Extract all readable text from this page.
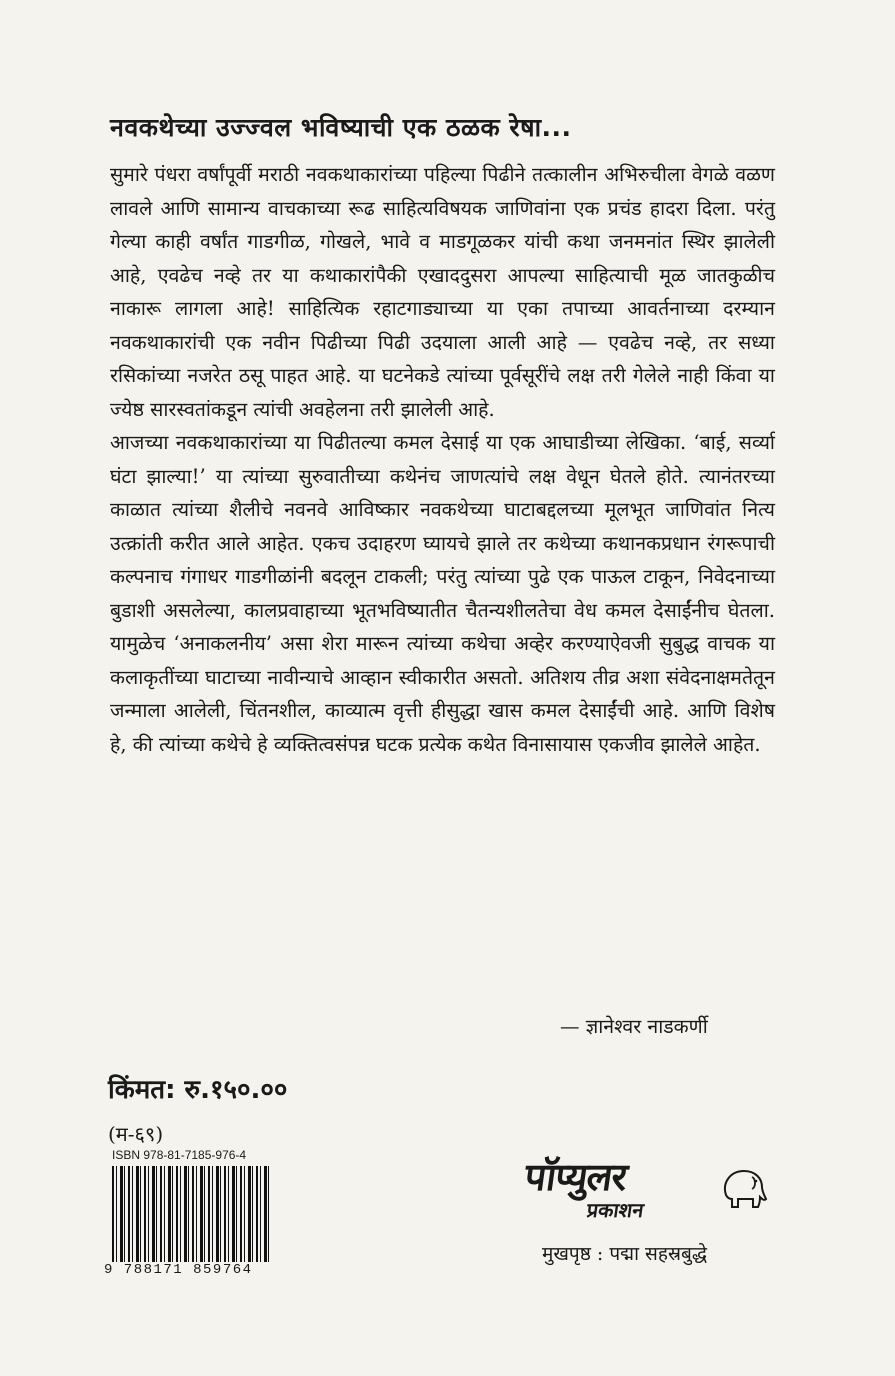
नवकथेच्या उज्ज्वल भविष्याची एक ठळक रेषा...

सुमारे पंधरा वर्षांपूर्वी मराठी नवकथाकारांच्या पहिल्या पिढीने तत्कालीन अभिरुचीला वेगळे वळण लावले आणि सामान्य वाचकाच्या रूढ साहित्यविषयक जाणिवांना एक प्रचंड हादरा दिला. परंतु गेल्या काही वर्षांत गाडगीळ, गोखले, भावे व माडगूळकर यांची कथा जनमनांत स्थिर झालेली आहे, एवढेच नव्हे तर या कथाकारांपैकी एखाददुसरा आपल्या साहित्याची मूळ जातकुळीच नाकारू लागला आहे! साहित्यिक रहाटगाड्याच्या या एका तपाच्या आवर्तनाच्या दरम्यान नवकथाकारांची एक नवीन पिढीच्या पिढी उदयाला आली आहे — एवढेच नव्हे, तर सध्या रसिकांच्या नजरेत ठसू पाहत आहे. या घटनेकडे त्यांच्या पूर्वसूरींचे लक्ष तरी गेलेले नाही किंवा या ज्येष्ठ सारस्वतांकडून त्यांची अवहेलना तरी झालेली आहे.

आजच्या नवकथाकारांच्या या पिढीतल्या कमल देसाई या एक आघाडीच्या लेखिका. ‘बाई, सर्व्या घंटा झाल्या!’ या त्यांच्या सुरुवातीच्या कथेनंच जाणत्यांचे लक्ष वेधून घेतले होते. त्यानंतरच्या काळात त्यांच्या शैलीचे नवनवे आविष्कार नवकथेच्या घाटाबद्दलच्या मूलभूत जाणिवांत नित्य उत्क्रांती करीत आले आहेत. एकच उदाहरण घ्यायचे झाले तर कथेच्या कथानकप्रधान रंगरूपाची कल्पनाच गंगाधर गाडगीळांनी बदलून टाकली; परंतु त्यांच्या पुढे एक पाऊल टाकून, निवेदनाच्या बुडाशी असलेल्या, कालप्रवाहाच्या भूतभविष्यातीत चैतन्यशीलतेचा वेध कमल देसाईंनीच घेतला. यामुळेच ‘अनाकलनीय’ असा शेरा मारून त्यांच्या कथेचा अव्हेर करण्याऐवजी सुबुद्ध वाचक या कलाकृतींच्या घाटाच्या नावीन्याचे आव्हान स्वीकारीत असतो. अतिशय तीव्र अशा संवेदनाक्षमतेतून जन्माला आलेली, चिंतनशील, काव्यात्म वृत्ती हीसुद्धा खास कमल देसाईंची आहे. आणि विशेष हे, की त्यांच्या कथेचे हे व्यक्तित्वसंपन्न घटक प्रत्येक कथेत विनासायास एकजीव झालेले आहेत.

— ज्ञानेश्वर नाडकर्णी
किंमत: रु.१५०.००
(म-६९)
ISBN 978-81-7185-976-4
9 788171 859764
पॉप्युलर
प्रकाशन
मुखपृष्ठ : पद्मा सहस्रबुद्धे
